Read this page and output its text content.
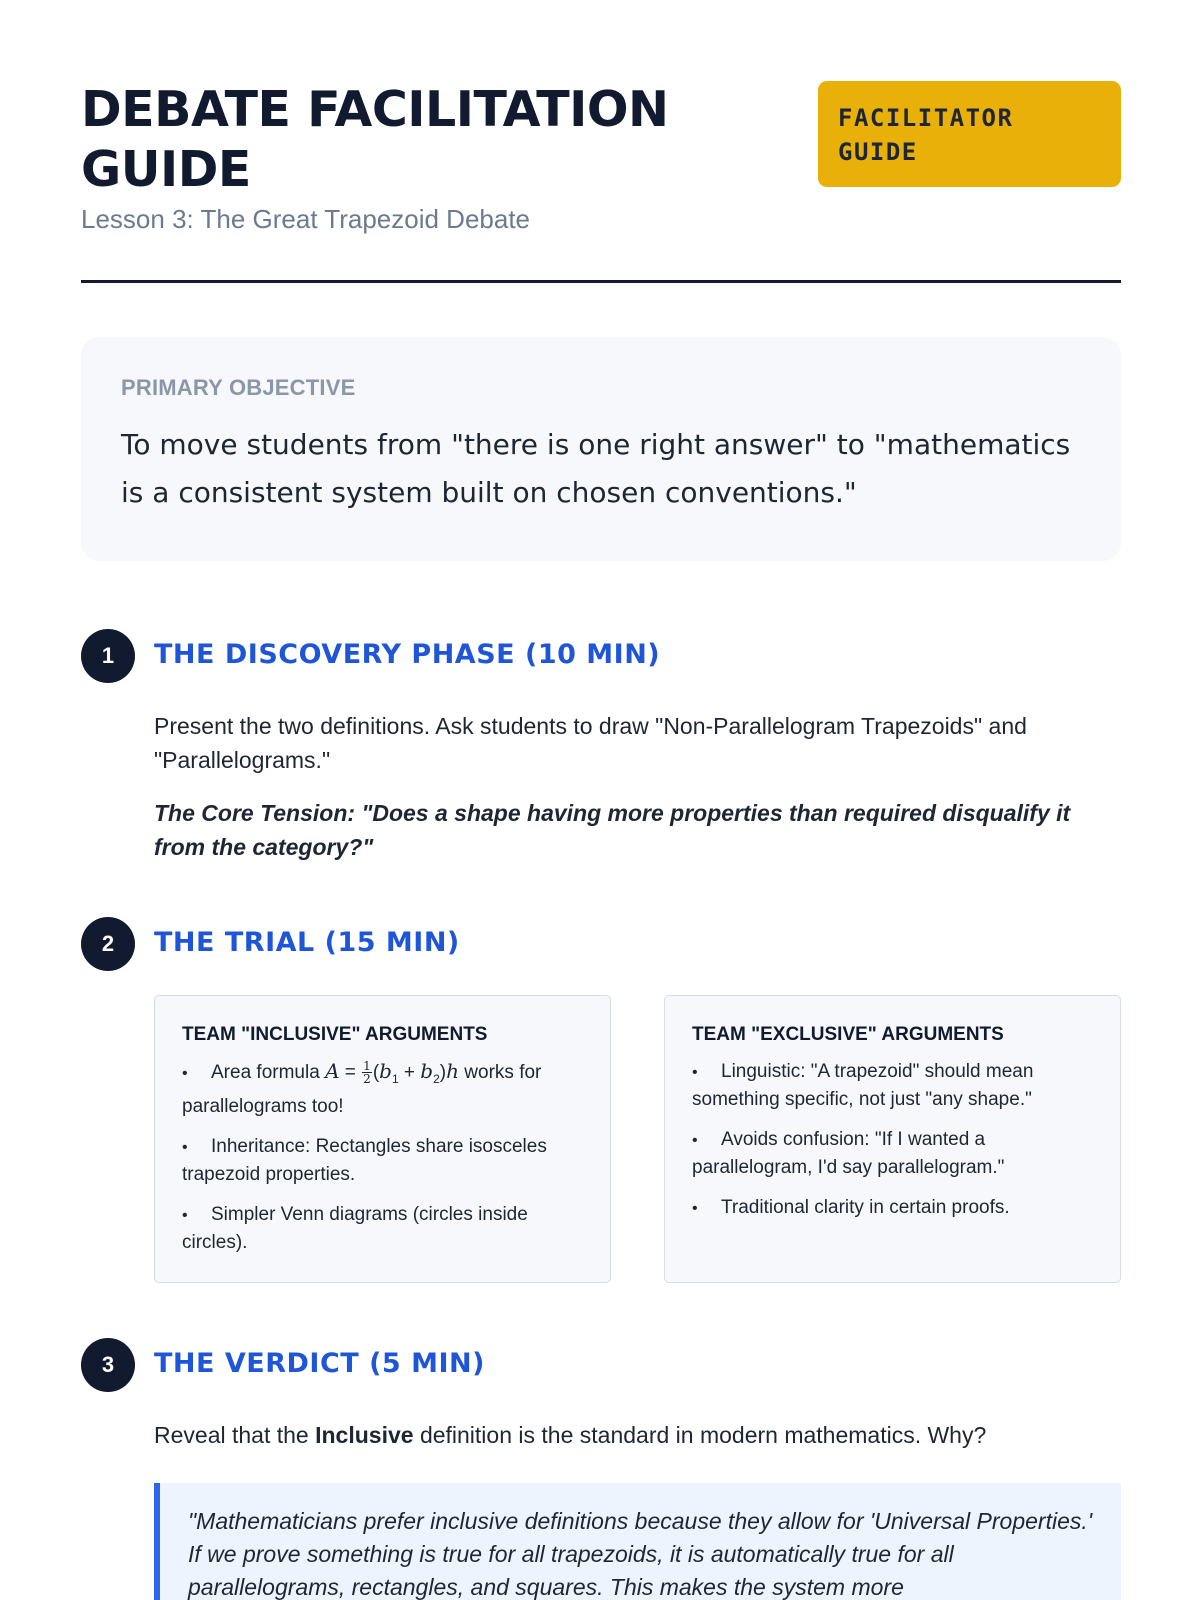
DEBATE FACILITATION GUIDE
Lesson 3: The Great Trapezoid Debate
FACILITATOR
GUIDE
PRIMARY OBJECTIVE
To move students from "there is one right answer" to "mathematics is a consistent system built on chosen conventions."
1	THE DISCOVERY PHASE (10 MIN)
Present the two definitions. Ask students to draw "Non-Parallelogram Trapezoids" and "Parallelograms."
The Core Tension: "Does a shape having more properties than required disqualify it from the category?"
2	THE TRIAL (15 MIN)
TEAM "INCLUSIVE" ARGUMENTS
• Area formula $A = \frac{1}{2} (b_1 + b_2)h$ works for parallelograms too!
• Inheritance: Rectangles share isosceles trapezoid properties.
• Simpler Venn diagrams (circles inside circles).
TEAM "EXCLUSIVE" ARGUMENTS
• Linguistic: "A trapezoid" should mean something specific, not just "any shape."
• Avoids confusion: "If I wanted a parallelogram, I'd say parallelogram."
• Traditional clarity in certain proofs.
3	THE VERDICT (5 MIN)
Reveal that the Inclusive definition is the standard in modern mathematics. Why?

"Mathematicians prefer inclusive definitions because they allow for 'Universal Properties.' If we prove something is true for all trapezoids, it is automatically true for all parallelograms, rectangles, and squares. This makes the system more
